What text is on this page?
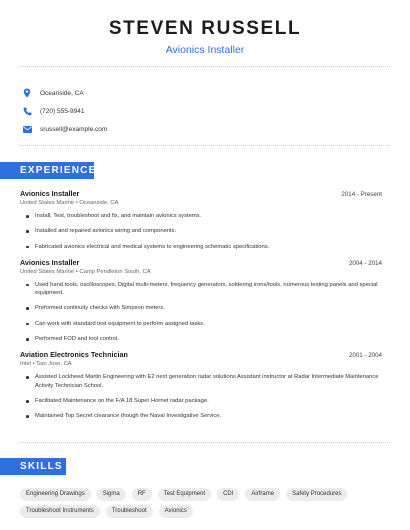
STEVEN RUSSELL
Avionics Installer
Oceanside, CA
(720) 555-9941
srussell@example.com
EXPERIENCE
Avionics Installer	2014 - Present
United States Marine • Oceanside, CA
Install, Test, troubleshoot and fix, and maintain avionics systems.
Installed and repaired avionics wiring and components.
Fabricated avionics electrical and medical systems to engineering schematic specifications.
Avionics Installer	2004 - 2014
United States Marine • Camp Pendleton South, CA
Used hand tools, oscilloscopes, Digital multi-meters, frequency generators, soldering irons/tools, numerous testing panels and special equipment.
Preformed continuity checks with Simpson meters.
Can work with standard test equipment to perform assigned tasks.
Performed FOD and tool control.
Aviation Electronics Technician	2001 - 2004
Intel • San Jose, CA
Assisted Lockheed Martin Engineering with E2 next generation radar solutions Assistant instructor at Radar Intermediate Maintenance Activity Technician School.
Facilitated Maintenance on the F/A 18 Super Hornet radar package.
Maintained Top Secret clearance though the Naval Investigative Service.
SKILLS
Engineering Drawings	Sigma	RF	Test Equipment	CDI	Airframe	Safety Procedures
Troubleshoot Instruments	Troubleshoot	Avionics
